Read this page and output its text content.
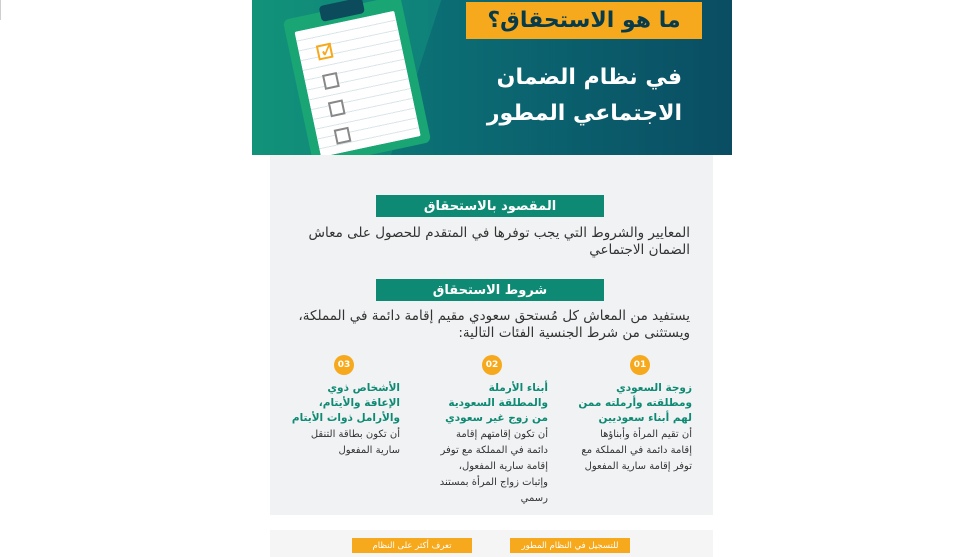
✓
ما هو الاستحقاق؟
في نظام الضمان
الاجتماعي المطور
المقصود بالاستحقاق
المعايير والشروط التي يجب توفرها في المتقدم للحصول على معاش الضمان الاجتماعي
شروط الاستحقاق
يستفيد من المعاش كل مُستحق سعودي مقيم إقامة دائمة في المملكة، ويستثنى من شرط الجنسية الفئات التالية:
01
زوجة السعودي ومطلقته وأرملته ممن لهم أبناء سعوديين
أن تقيم المرأة وأبناؤها إقامة دائمة في المملكة مع توفر إقامة سارية المفعول
02
أبناء الأرملة والمطلقة السعودية من زوج غير سعودي
أن تكون إقامتهم إقامة دائمة في المملكة مع توفر إقامة سارية المفعول، وإثبات زواج المرأة بمستند رسمي
03
الأشخاص ذوي الإعاقة والأيتام، والأرامل ذوات الأيتام
أن تكون بطاقة التنقل سارية المفعول
للتسجيل في النظام المطور
تعرف أكثر على النظام
